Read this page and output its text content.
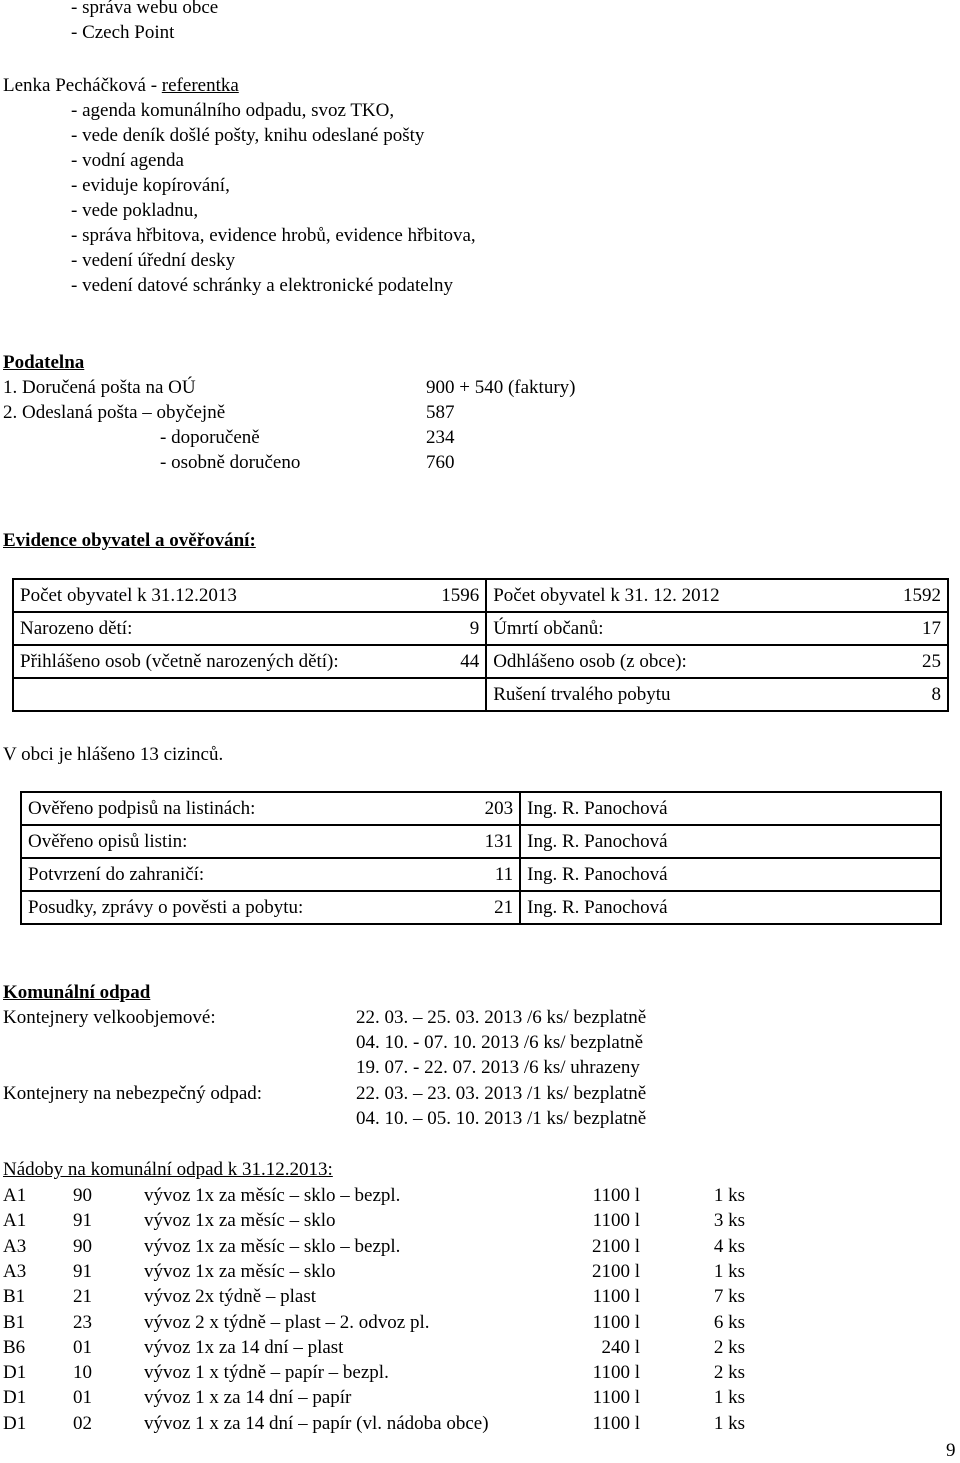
- správa webu obce
- Czech Point
Lenka Pecháčková - referentka
- agenda komunálního odpadu, svoz TKO,
- vede deník došlé pošty, knihu odeslané pošty
- vodní agenda
- eviduje kopírování,
- vede pokladnu,
- správa hřbitova, evidence hrobů, evidence hřbitova,
- vedení úřední desky
- vedení datové schránky a elektronické podatelny
Podatelna
1. Doručená pošta na OÚ	900 + 540 (faktury)
2. Odeslaná pošta – obyčejně	587
- doporučeně	234
- osobně doručeno	760
Evidence obyvatel a ověřování:
Počet obyvatel k 31.12.2013 1596	Počet obyvatel k 31. 12. 2012 1592

Narozeno dětí: 9	Úmrtí občanů: 17

Přihlášeno osob (včetně narozených dětí): 44	Odhlášeno osob (z obce): 25

	Rušení trvalého pobytu 8
V obci je hlášeno 13 cizinců.
Ověřeno podpisů na listinách: 203	Ing. R. Panochová

Ověřeno opisů listin: 131	Ing. R. Panochová

Potvrzení do zahraničí: 11	Ing. R. Panochová

Posudky, zprávy o pověsti a pobytu: 21	Ing. R. Panochová
Komunální odpad
Kontejnery velkoobjemové:	22. 03. – 25. 03. 2013 /6 ks/ bezplatně
04. 10. - 07. 10. 2013 /6 ks/ bezplatně
19. 07. - 22. 07. 2013 /6 ks/ uhrazeny
Kontejnery na nebezpečný odpad:	22. 03. – 23. 03. 2013 /1 ks/ bezplatně
04. 10. – 05. 10. 2013 /1 ks/ bezplatně
Nádoby na komunální odpad k 31.12.2013:
A1 90	vývoz 1x za měsíc – sklo – bezpl.	1100 l	1 ks
A1 91	vývoz 1x za měsíc – sklo	1100 l	3 ks
A3 90	vývoz 1x za měsíc – sklo – bezpl.	2100 l	4 ks
A3 91	vývoz 1x za měsíc – sklo	2100 l	1 ks
B1	21	vývoz 2x týdně – plast	1100 l	7 ks
B1	23	vývoz 2 x týdně – plast – 2. odvoz pl.	1100 l	6 ks
B6	01	vývoz 1x za 14 dní – plast	240 l	2 ks
D1 10	vývoz 1 x týdně – papír – bezpl.	1100 l	2 ks
D1 01	vývoz 1 x za 14 dní – papír	1100 l	1 ks
D1 02	vývoz 1 x za 14 dní – papír (vl. nádoba obce)	1100 l	1 ks
9
